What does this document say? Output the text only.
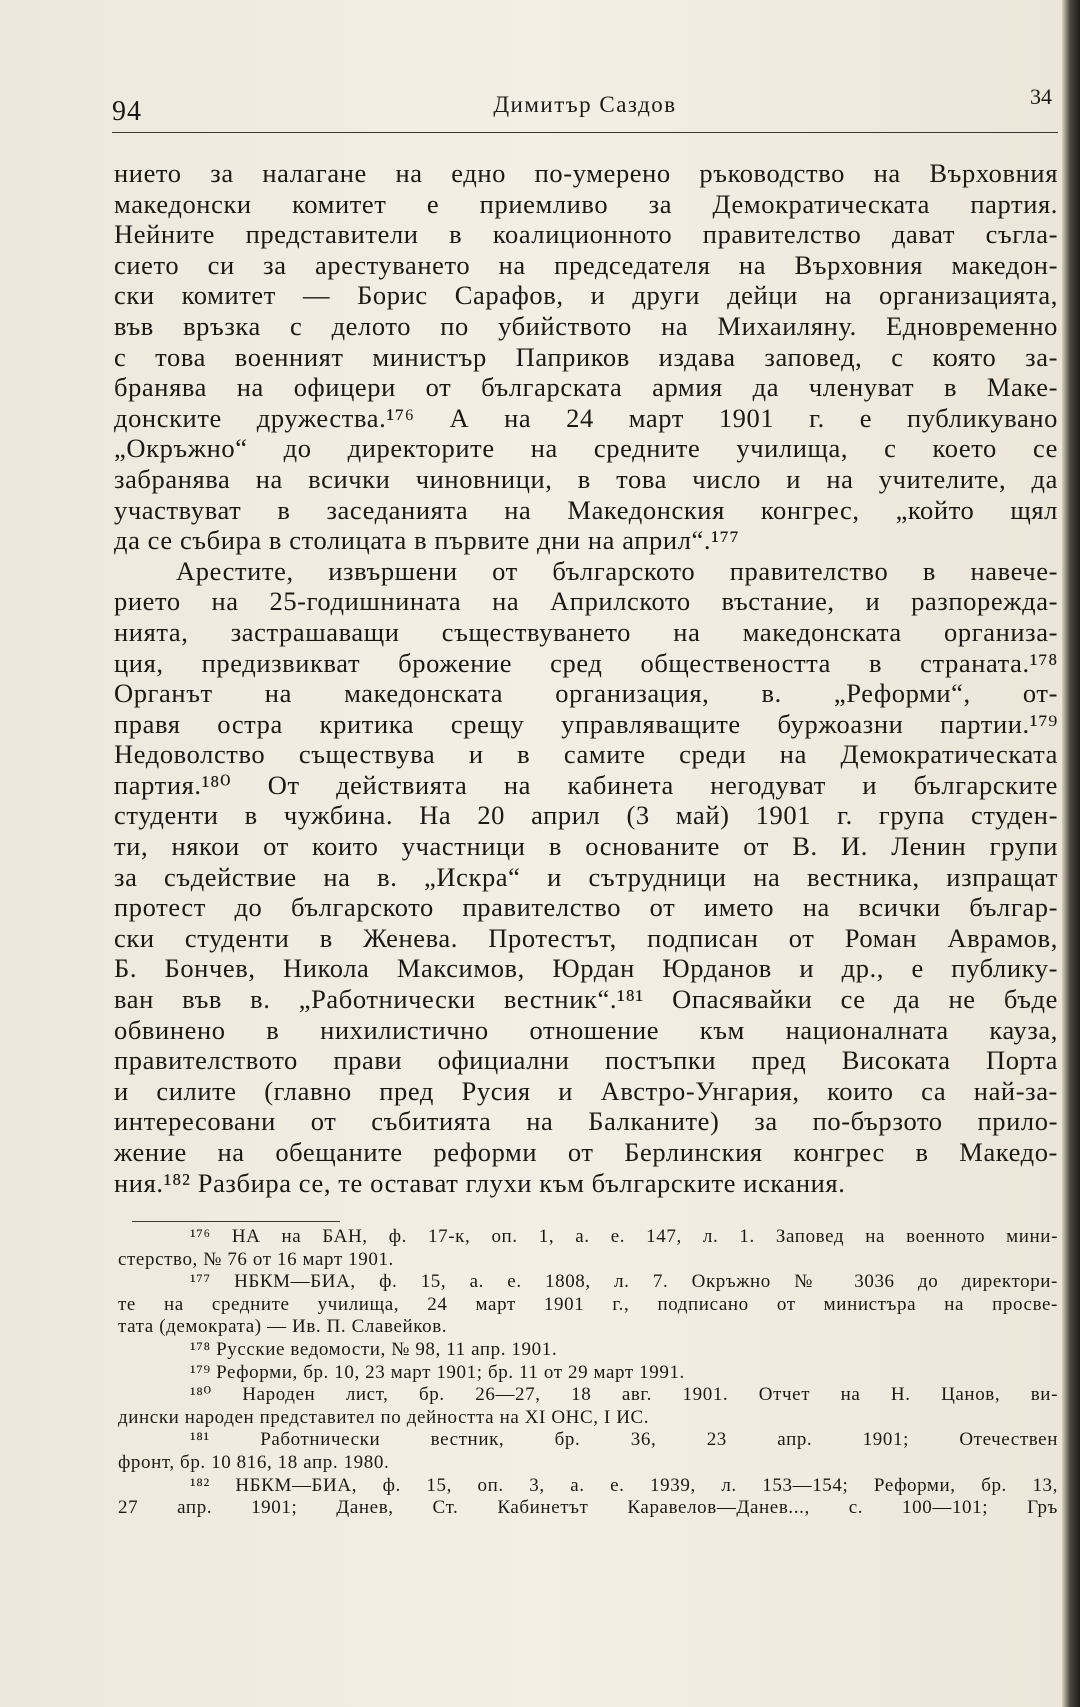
94	Димитър Саздов	34
нието за налагане на едно по-умерено ръководство на Върховния
македонски комитет е приемливо за Демократическата партия.
Нейните представители в коалиционното правителство дават съгла-
сието си за арестуването на председателя на Върховния македон-
ски комитет — Борис Сарафов, и други дейци на организацията,
във връзка с делото по убийството на Михаиляну. Едновременно
с това военният министър Паприков издава заповед, с която за-
бранява на офицери от българската армия да членуват в Маке-
донските дружества.¹⁷⁶ А на 24 март 1901 г. е публикувано
„Окръжно“ до директорите на средните училища, с което се
забранява на всички чиновници, в това число и на учителите, да
участвуват в заседанията на Македонския конгрес, „който щял
да се събира в столицата в първите дни на април“.¹⁷⁷
Арестите, извършени от българското правителство в навече-
рието на 25-годишнината на Априлското въстание, и разпорежда-
нията, застрашаващи съществуването на македонската организа-
ция, предизвикват брожение сред обществеността в страната.¹⁷⁸
Органът на македонската организация, в. „Реформи“, от-
правя остра критика срещу управляващите буржоазни партии.¹⁷⁹
Недоволство съществува и в самите среди на Демократическата
партия.¹⁸⁰ От действията на кабинета негодуват и българските
студенти в чужбина. На 20 април (3 май) 1901 г. група студен-
ти, някои от които участници в основаните от В. И. Ленин групи
за съдействие на в. „Искра“ и сътрудници на вестника, изпращат
протест до българското правителство от името на всички българ-
ски студенти в Женева. Протестът, подписан от Роман Аврамов,
Б. Бончев, Никола Максимов, Юрдан Юрданов и др., е публику-
ван във в. „Работнически вестник“.¹⁸¹ Опасявайки се да не бъде
обвинено в нихилистично отношение към националната кауза,
правителството прави официални постъпки пред Високата Порта
и силите (главно пред Русия и Австро-Унгария, които са най-за-
интересовани от събитията на Балканите) за по-бързото прило-
жение на обещаните реформи от Берлинския конгрес в Македо-
ния.¹⁸² Разбира се, те остават глухи към българските искания.
¹⁷⁶ НА на БАН, ф. 17-к, оп. 1, а. е. 147, л. 1. Заповед на военното мини-
стерство, № 76 от 16 март 1901.
¹⁷⁷ НБКМ—БИА, ф. 15, а. е. 1808, л. 7. Окръжно № 3036 до директори-
те на средните училища, 24 март 1901 г., подписано от министъра на просве-
тата (демократа) — Ив. П. Славейков.
¹⁷⁸ Русские ведомости, № 98, 11 апр. 1901.
¹⁷⁹ Реформи, бр. 10, 23 март 1901; бр. 11 от 29 март 1991.
¹⁸⁰ Народен лист, бр. 26—27, 18 авг. 1901. Отчет на Н. Цанов, ви-
дински народен представител по дейността на XI ОНС, I ИС.
¹⁸¹ Работнически вестник, бр. 36, 23 апр. 1901; Отечествен
фронт, бр. 10 816, 18 апр. 1980.
¹⁸² НБКМ—БИА, ф. 15, оп. 3, а. е. 1939, л. 153—154; Реформи, бр. 13,
27 апр. 1901; Данев, Ст. Кабинетът Каравелов—Данев..., с. 100—101; Гръ
